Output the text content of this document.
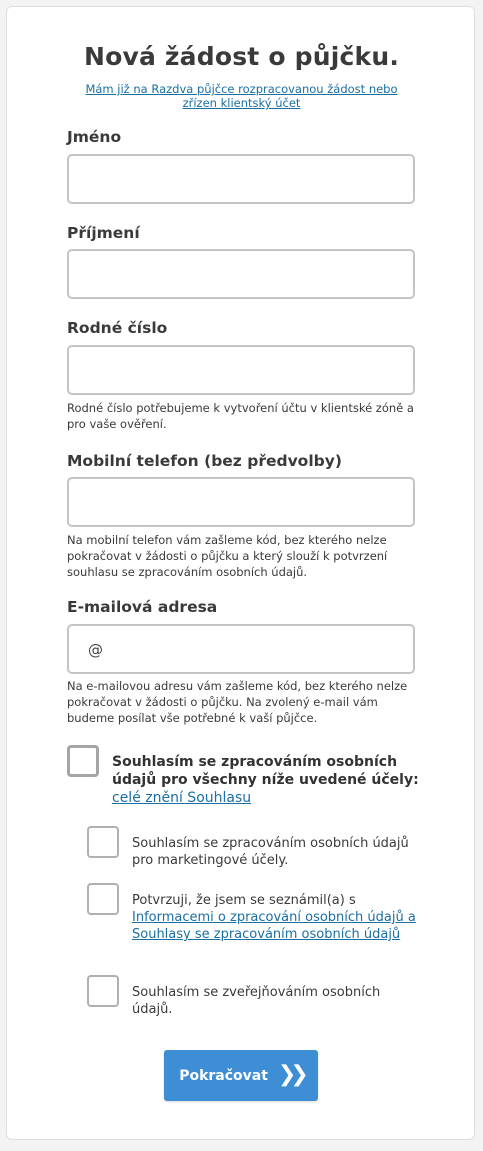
Nová žádost o půjčku.
Mám již na Razdva půjčce rozpracovanou žádost nebo zřízen klientský účet
Jméno
Příjmení
Rodné číslo
Rodné číslo potřebujeme k vytvoření účtu v klientské zóně a pro vaše ověření.
Mobilní telefon (bez předvolby)
Na mobilní telefon vám zašleme kód, bez kterého nelze pokračovat v žádosti o půjčku a který slouží k potvrzení souhlasu se zpracováním osobních údajů.
E-mailová adresa
@
Na e-mailovou adresu vám zašleme kód, bez kterého nelze pokračovat v žádosti o půjčku. Na zvolený e-mail vám budeme posílat vše potřebné k vaší půjčce.
Souhlasím se zpracováním osobních údajů pro všechny níže uvedené účely:
celé znění Souhlasu
Souhlasím se zpracováním osobních údajů pro marketingové účely.
Potvrzuji, že jsem se seznámil(a) s Informacemi o zpracování osobních údajů a Souhlasy se zpracováním osobních údajů
Souhlasím se zveřejňováním osobních údajů.
Pokračovat ❯❯
